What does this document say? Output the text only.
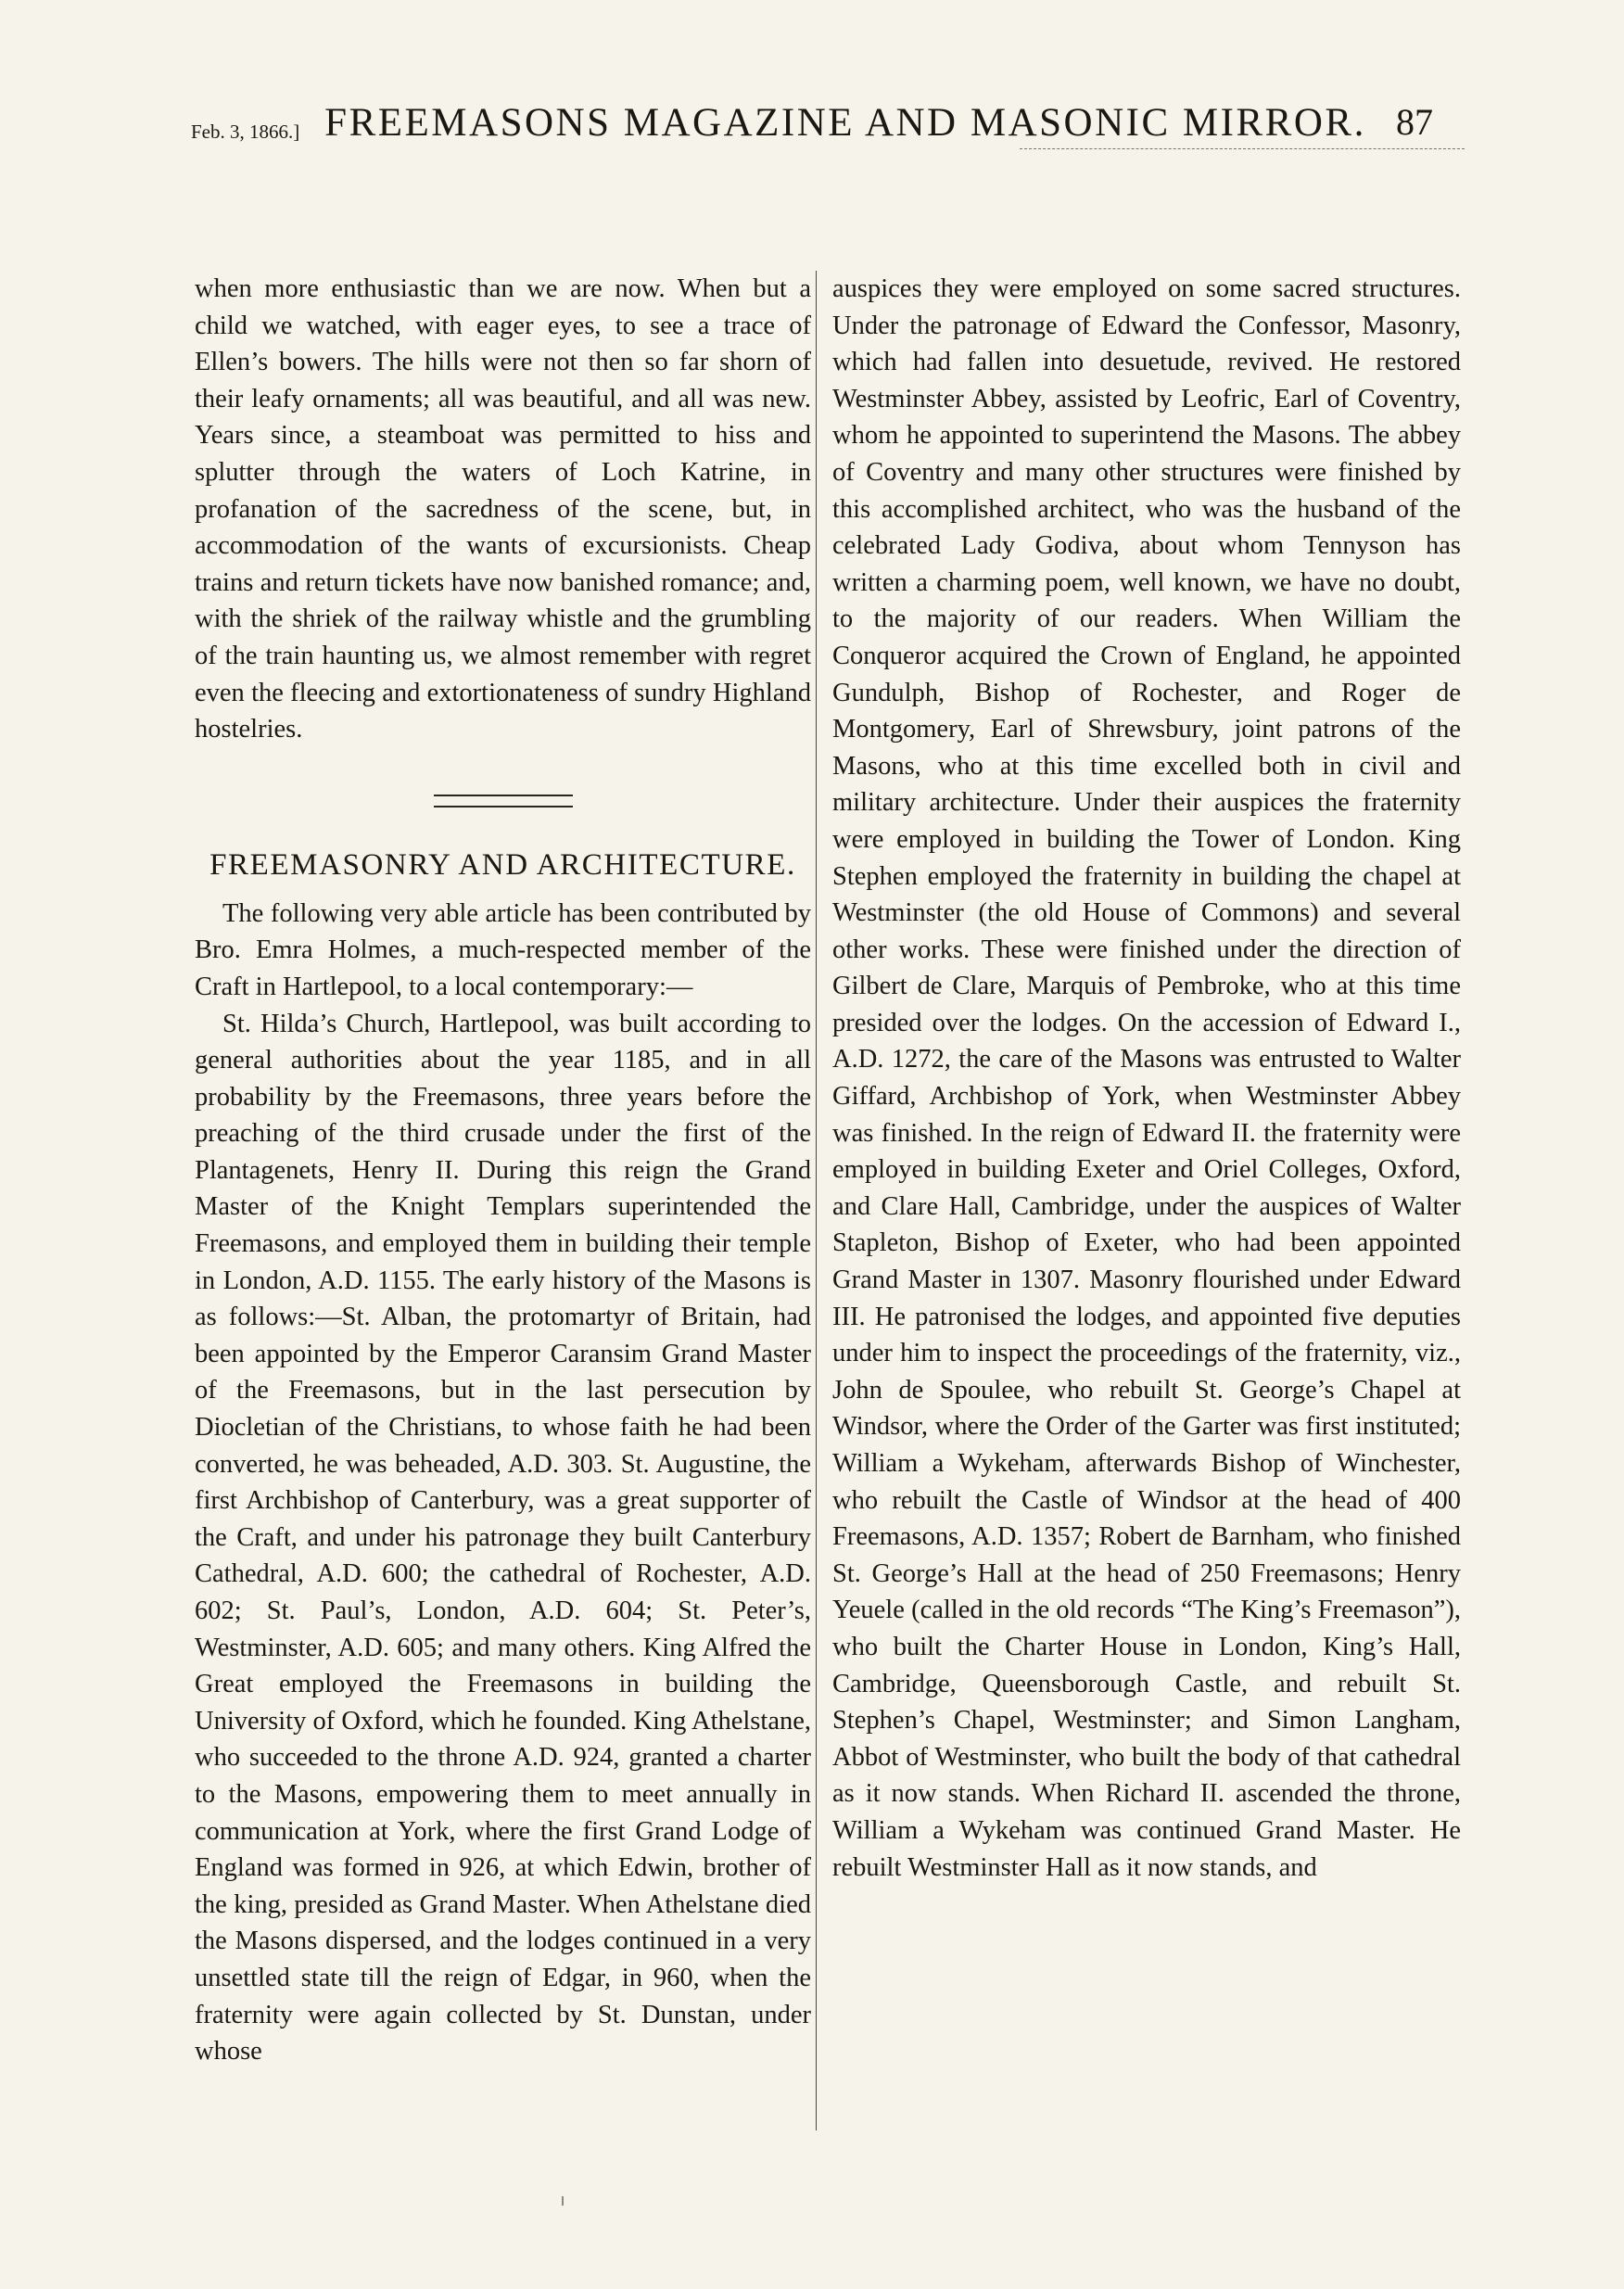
Feb. 3, 1866.] FREEMASONS MAGAZINE AND MASONIC MIRROR. 87

when more enthusiastic than we are now. When but a child we watched, with eager eyes, to see a trace of Ellen’s bowers. The hills were not then so far shorn of their leafy ornaments; all was beautiful, and all was new. Years since, a steamboat was permitted to hiss and splutter through the waters of Loch Katrine, in profanation of the sacredness of the scene, but, in accommodation of the wants of excursionists. Cheap trains and return tickets have now banished romance; and, with the shriek of the railway whistle and the grumbling of the train haunting us, we almost remember with regret even the fleecing and extortionateness of sundry Highland hostelries.

FREEMASONRY AND ARCHITECTURE.

The following very able article has been contributed by Bro. Emra Holmes, a much-respected member of the Craft in Hartlepool, to a local contemporary:—

St. Hilda’s Church, Hartlepool, was built according to general authorities about the year 1185, and in all probability by the Freemasons, three years before the preaching of the third crusade under the first of the Plantagenets, Henry II. During this reign the Grand Master of the Knight Templars superintended the Freemasons, and employed them in building their temple in London, A.D. 1155. The early history of the Masons is as follows:—St. Alban, the protomartyr of Britain, had been appointed by the Emperor Caransim Grand Master of the Freemasons, but in the last persecution by Diocletian of the Christians, to whose faith he had been converted, he was beheaded, A.D. 303. St. Augustine, the first Archbishop of Canterbury, was a great supporter of the Craft, and under his patronage they built Canterbury Cathedral, A.D. 600; the cathedral of Rochester, A.D. 602; St. Paul’s, London, A.D. 604; St. Peter’s, Westminster, A.D. 605; and many others. King Alfred the Great employed the Freemasons in building the University of Oxford, which he founded. King Athelstane, who succeeded to the throne A.D. 924, granted a charter to the Masons, empowering them to meet annually in communication at York, where the first Grand Lodge of England was formed in 926, at which Edwin, brother of the king, presided as Grand Master. When Athelstane died the Masons dispersed, and the lodges continued in a very unsettled state till the reign of Edgar, in 960, when the fraternity were again collected by St. Dunstan, under whose

auspices they were employed on some sacred structures. Under the patronage of Edward the Confessor, Masonry, which had fallen into desuetude, revived. He restored Westminster Abbey, assisted by Leofric, Earl of Coventry, whom he appointed to superintend the Masons. The abbey of Coventry and many other structures were finished by this accomplished architect, who was the husband of the celebrated Lady Godiva, about whom Tennyson has written a charming poem, well known, we have no doubt, to the majority of our readers. When William the Conqueror acquired the Crown of England, he appointed Gundulph, Bishop of Rochester, and Roger de Montgomery, Earl of Shrewsbury, joint patrons of the Masons, who at this time excelled both in civil and military architecture. Under their auspices the fraternity were employed in building the Tower of London. King Stephen employed the fraternity in building the chapel at Westminster (the old House of Commons) and several other works. These were finished under the direction of Gilbert de Clare, Marquis of Pembroke, who at this time presided over the lodges. On the accession of Edward I., A.D. 1272, the care of the Masons was entrusted to Walter Giffard, Archbishop of York, when Westminster Abbey was finished. In the reign of Edward II. the fraternity were employed in building Exeter and Oriel Colleges, Oxford, and Clare Hall, Cambridge, under the auspices of Walter Stapleton, Bishop of Exeter, who had been appointed Grand Master in 1307. Masonry flourished under Edward III. He patronised the lodges, and appointed five deputies under him to inspect the proceedings of the fraternity, viz., John de Spoulee, who rebuilt St. George’s Chapel at Windsor, where the Order of the Garter was first instituted; William a Wykeham, afterwards Bishop of Winchester, who rebuilt the Castle of Windsor at the head of 400 Freemasons, A.D. 1357; Robert de Barnham, who finished St. George’s Hall at the head of 250 Freemasons; Henry Yeuele (called in the old records “The King’s Freemason”), who built the Charter House in London, King’s Hall, Cambridge, Queensborough Castle, and rebuilt St. Stephen’s Chapel, Westminster; and Simon Langham, Abbot of Westminster, who built the body of that cathedral as it now stands. When Richard II. ascended the throne, William a Wykeham was continued Grand Master. He rebuilt Westminster Hall as it now stands, and
